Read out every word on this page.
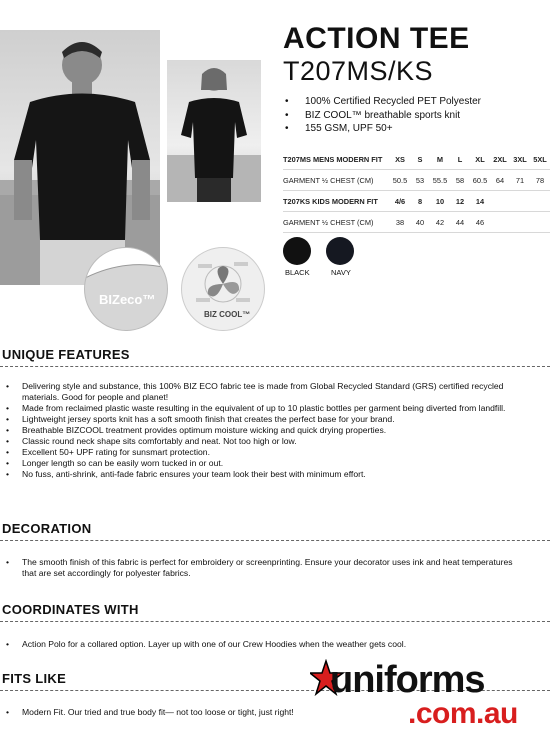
BIZeco™
BIZ COOL™
ACTION TEE
T207MS/KS
• 100% Certified Recycled PET Polyester
• BIZ COOL™ breathable sports knit
• 155 GSM, UPF 50+
T207MS MENS MODERN FIT	XS	S	M	L	XL	2XL	3XL	5XL
GARMENT ½ CHEST (CM)	50.5	53	55.5	58	60.5	64	71	78
T207KS KIDS MODERN FIT	4/6	8	10	12	14			
GARMENT ½ CHEST (CM)	38	40	42	44	46			
BLACK	NAVY
UNIQUE FEATURES
• Delivering style and substance, this 100% BIZ ECO fabric tee is made from Global Recycled Standard (GRS) certified recycled
materials. Good for people and planet!
• Made from reclaimed plastic waste resulting in the equivalent of up to 10 plastic bottles per garment being diverted from landfill.
• Lightweight jersey sports knit has a soft smooth finish that creates the perfect base for your brand.
• Breathable BIZCOOL treatment provides optimum moisture wicking and quick drying properties.
• Classic round neck shape sits comfortably and neat. Not too high or low.
• Excellent 50+ UPF rating for sunsmart protection.
• Longer length so can be easily worn tucked in or out.
• No fuss, anti-shrink, anti-fade fabric ensures your team look their best with minimum effort.
DECORATION
• The smooth finish of this fabric is perfect for embroidery or screenprinting. Ensure your decorator uses ink and heat temperatures
that are set accordingly for polyester fabrics.
COORDINATES WITH
• Action Polo for a collared option. Layer up with one of our Crew Hoodies when the weather gets cool.
FITS LIKE
• Modern Fit. Our tried and true body fit— not too loose or tight, just right!
uniforms
.com.au
